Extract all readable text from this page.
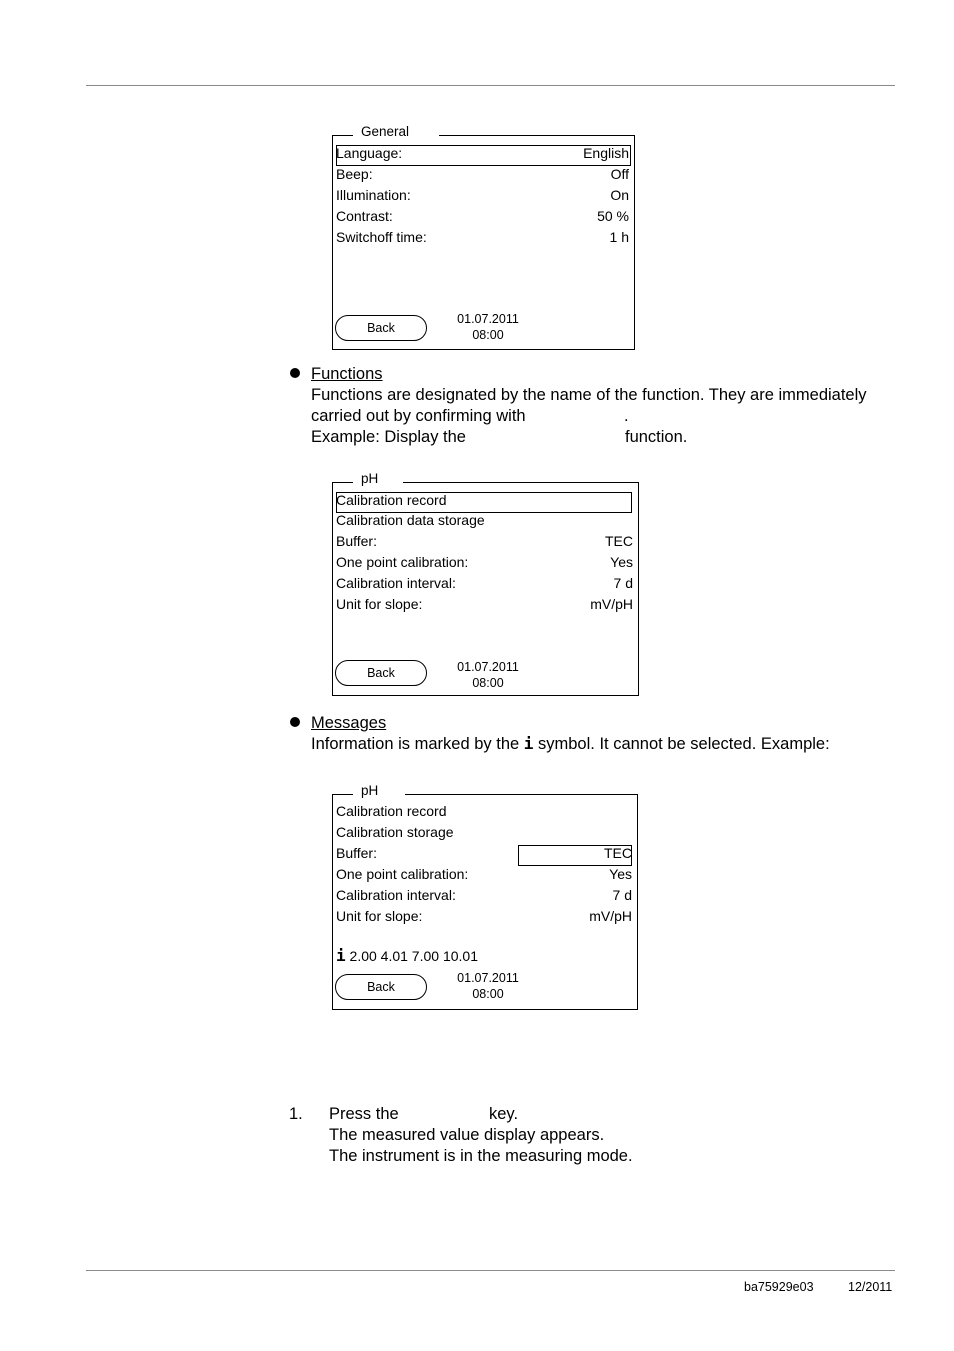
General
Language:	English
Beep:	Off
Illumination:	On
Contrast:	50 %
Switchoff time:	1 h
Back
01.07.2011
08:00
Functions
Functions are designated by the name of the function. They are immediately
carried out by confirming with	.
Example: Display the	function.
pH
Calibration record
Calibration data storage
Buffer:	TEC
One point calibration:	Yes
Calibration interval:	7 d
Unit for slope:	mV/pH
Back	01.07.2011
08:00
Messages
Information is marked by the i symbol. It cannot be selected. Example:
pH
Calibration record
Calibration storage
Buffer:	TEC
One point calibration:	Yes
Calibration interval:	7 d
Unit for slope:	mV/pH
i 2.00 4.01 7.00 10.01
Back
01.07.2011
08:00
1. Press the	key.
The measured value display appears.
The instrument is in the measuring mode.
ba75929e03	12/2011
